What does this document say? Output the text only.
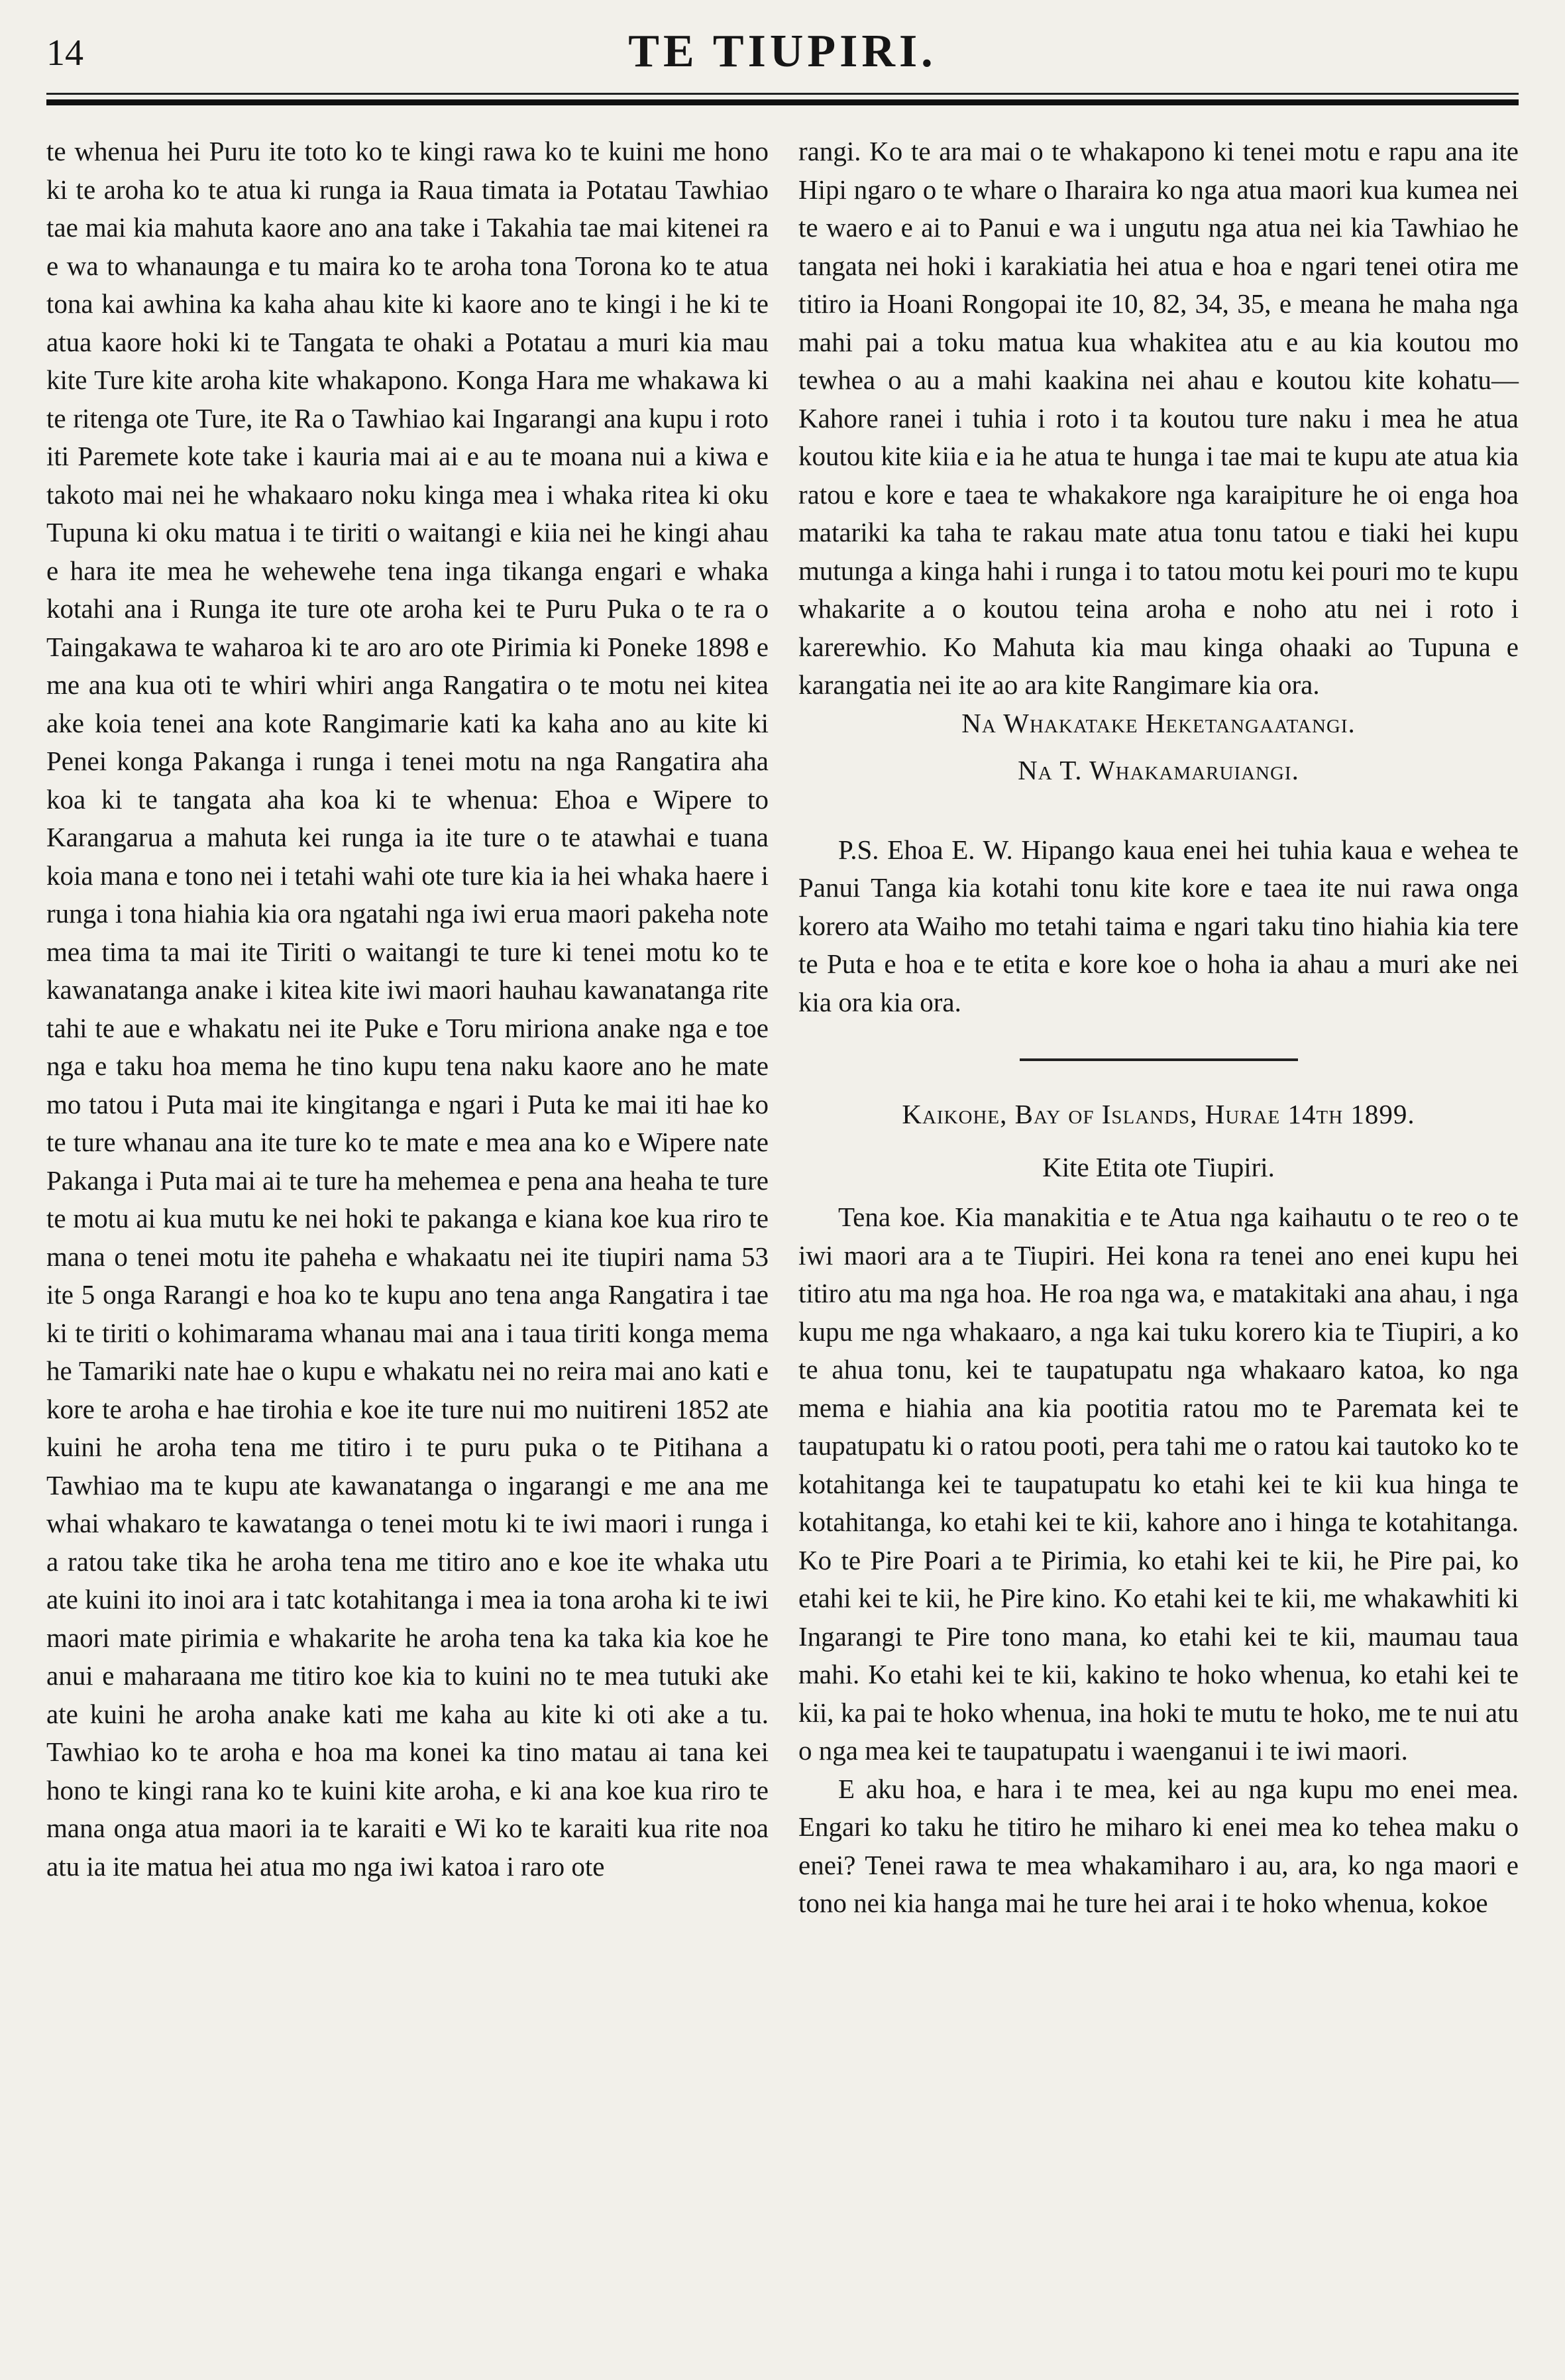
14	TE TIUPIRI.

te whenua hei Puru ite toto ko te kingi rawa ko te kuini me hono ki te aroha ko te atua ki runga ia Raua timata ia Potatau Tawhiao tae mai kia mahuta kaore ano ana take i Takahia tae mai kitenei ra e wa to whanaunga e tu maira ko te aroha tona Torona ko te atua tona kai awhina ka kaha ahau kite ki kaore ano te kingi i he ki te atua kaore hoki ki te Tangata te ohaki a Potatau a muri kia mau kite Ture kite aroha kite whakapono. Konga Hara me whakawa ki te ritenga ote Ture, ite Ra o Tawhiao kai Ingarangi ana kupu i roto iti Paremete kote take i kauria mai ai e au te moana nui a kiwa e takoto mai nei he whakaaro noku kinga mea i whaka ritea ki oku Tupuna ki oku matua i te tiriti o waitangi e kiia nei he kingi ahau e hara ite mea he wehewehe tena inga tikanga engari e whaka kotahi ana i Runga ite ture ote aroha kei te Puru Puka o te ra o Taingakawa te waharoa ki te aro aro ote Pirimia ki Poneke 1898 e me ana kua oti te whiri whiri anga Rangatira o te motu nei kitea ake koia tenei ana kote Rangimarie kati ka kaha ano au kite ki Penei konga Pakanga i runga i tenei motu na nga Rangatira aha koa ki te tangata aha koa ki te whenua: Ehoa e Wipere to Karangarua a mahuta kei runga ia ite ture o te atawhai e tuana koia mana e tono nei i tetahi wahi ote ture kia ia hei whaka haere i runga i tona hiahia kia ora ngatahi nga iwi erua maori pakeha note mea tima ta mai ite Tiriti o waitangi te ture ki tenei motu ko te kawanatanga anake i kitea kite iwi maori hauhau kawanatanga rite tahi te aue e whakatu nei ite Puke e Toru miriona anake nga e toe nga e taku hoa mema he tino kupu tena naku kaore ano he mate mo tatou i Puta mai ite kingitanga e ngari i Puta ke mai iti hae ko te ture whanau ana ite ture ko te mate e mea ana ko e Wipere nate Pakanga i Puta mai ai te ture ha mehemea e pena ana heaha te ture te motu ai kua mutu ke nei hoki te pakanga e kiana koe kua riro te mana o tenei motu ite paheha e whakaatu nei ite tiupiri nama 53 ite 5 onga Rarangi e hoa ko te kupu ano tena anga Rangatira i tae ki te tiriti o kohimarama whanau mai ana i taua tiriti konga mema he Tamariki nate hae o kupu e whakatu nei no reira mai ano kati e kore te aroha e hae tirohia e koe ite ture nui mo nuitireni 1852 ate kuini he aroha tena me titiro i te puru puka o te Pitihana a Tawhiao ma te kupu ate kawanatanga o ingarangi e me ana me whai whakaro te kawatanga o tenei motu ki te iwi maori i runga i a ratou take tika he aroha tena me titiro ano e koe ite whaka utu ate kuini ito inoi ara i tatc kotahitanga i mea ia tona aroha ki te iwi maori mate pirimia e whakarite he aroha tena ka taka kia koe he anui e maharaana me titiro koe kia to kuini no te mea tutuki ake ate kuini he aroha anake kati me kaha au kite ki oti ake a tu. Tawhiao ko te aroha e hoa ma konei ka tino matau ai tana kei hono te kingi rana ko te kuini kite aroha, e ki ana koe kua riro te mana onga atua maori ia te karaiti e Wi ko te karaiti kua rite noa atu ia ite matua hei atua mo nga iwi katoa i raro ote

rangi. Ko te ara mai o te whakapono ki tenei motu e rapu ana ite Hipi ngaro o te whare o Iharaira ko nga atua maori kua kumea nei te waero e ai to Panui e wa i ungutu nga atua nei kia Tawhiao he tangata nei hoki i karakiatia hei atua e hoa e ngari tenei otira me titiro ia Hoani Rongopai ite 10, 82, 34, 35, e meana he maha nga mahi pai a toku matua kua whakitea atu e au kia koutou mo tewhea o au a mahi kaakina nei ahau e koutou kite kohatu—Kahore ranei i tuhia i roto i ta koutou ture naku i mea he atua koutou kite kiia e ia he atua te hunga i tae mai te kupu ate atua kia ratou e kore e taea te whakakore nga karaipiture he oi enga hoa matariki ka taha te rakau mate atua tonu tatou e tiaki hei kupu mutunga a kinga hahi i runga i to tatou motu kei pouri mo te kupu whakarite a o koutou teina aroha e noho atu nei i roto i karerewhio. Ko Mahuta kia mau kinga ohaaki ao Tupuna e karangatia nei ite ao ara kite Rangimare kia ora.

Na Whakatake Heketangaatangi.

Na T. Whakamaruiangi.

P.S. Ehoa E. W. Hipango kaua enei hei tuhia kaua e wehea te Panui Tanga kia kotahi tonu kite kore e taea ite nui rawa onga korero ata Waiho mo tetahi taima e ngari taku tino hiahia kia tere te Puta e hoa e te etita e kore koe o hoha ia ahau a muri ake nei kia ora kia ora.

Kaikohe, Bay of Islands, Hurae 14th 1899.

Kite Etita ote Tiupiri.

Tena koe. Kia manakitia e te Atua nga kaihautu o te reo o te iwi maori ara a te Tiupiri. Hei kona ra tenei ano enei kupu hei titiro atu ma nga hoa. He roa nga wa, e matakitaki ana ahau, i nga kupu me nga whakaaro, a nga kai tuku korero kia te Tiupiri, a ko te ahua tonu, kei te taupatupatu nga whakaaro katoa, ko nga mema e hiahia ana kia pootitia ratou mo te Paremata kei te taupatupatu ki o ratou pooti, pera tahi me o ratou kai tautoko ko te kotahitanga kei te taupatupatu ko etahi kei te kii kua hinga te kotahitanga, ko etahi kei te kii, kahore ano i hinga te kotahitanga. Ko te Pire Poari a te Pirimia, ko etahi kei te kii, he Pire pai, ko etahi kei te kii, he Pire kino. Ko etahi kei te kii, me whakawhiti ki Ingarangi te Pire tono mana, ko etahi kei te kii, maumau taua mahi. Ko etahi kei te kii, kakino te hoko whenua, ko etahi kei te kii, ka pai te hoko whenua, ina hoki te mutu te hoko, me te nui atu o nga mea kei te taupatupatu i waenganui i te iwi maori.

E aku hoa, e hara i te mea, kei au nga kupu mo enei mea. Engari ko taku he titiro he miharo ki enei mea ko tehea maku o enei? Tenei rawa te mea whakamiharo i au, ara, ko nga maori e tono nei kia hanga mai he ture hei arai i te hoko whenua, kokoe
